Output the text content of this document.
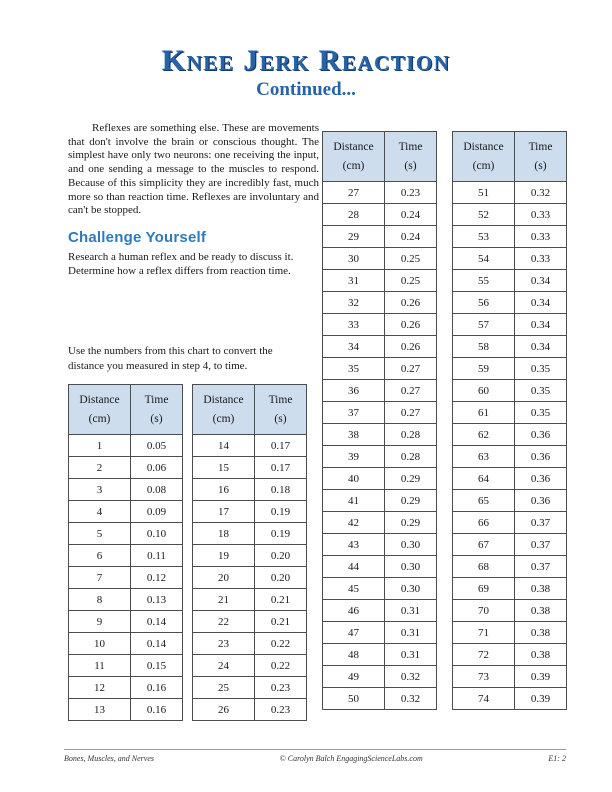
Knee Jerk Reaction
Continued...

Reflexes are something else. These are movements that don't involve the brain or conscious thought. The simplest have only two neurons: one receiving the input, and one sending a message to the muscles to respond. Because of this simplicity they are incredibly fast, much more so than reaction time. Reflexes are involuntary and can't be stopped.

Challenge Yourself

Research a human reflex and be ready to discuss it. Determine how a reflex differs from reaction time.

Use the numbers from this chart to convert the distance you measured in step 4, to time.

Distance
(cm)

Time
(s)

1	0.05
2	0.06
3	0.08
4	0.09
5	0.10
6	0.11
7	0.12
8	0.13
9	0.14
10	0.14
11	0.15
12	0.16
13	0.16
Distance
(cm)

Time
(s)

14	0.17
15	0.17
16	0.18
17	0.19
18	0.19
19	0.20
20	0.20
21	0.21
22	0.21
23	0.22
24	0.22
25	0.23
26	0.23
Distance
(cm)

Time
(s)

27	0.23
28	0.24
29	0.24
30	0.25
31	0.25
32	0.26
33	0.26
34	0.26
35	0.27
36	0.27
37	0.27
38	0.28
39	0.28
40	0.29
41	0.29
42	0.29
43	0.30
44	0.30
45	0.30
46	0.31
47	0.31
48	0.31
49	0.32
50	0.32
Distance
(cm)

Time
(s)

51	0.32
52	0.33
53	0.33
54	0.33
55	0.34
56	0.34
57	0.34
58	0.34
59	0.35
60	0.35
61	0.35
62	0.36
63	0.36
64	0.36
65	0.36
66	0.37
67	0.37
68	0.37
69	0.38
70	0.38
71	0.38
72	0.38
73	0.39
74	0.39
Bones, Muscles, and Nerves	© Carolyn Balch EngagingScienceLabs.com	E1: 2
